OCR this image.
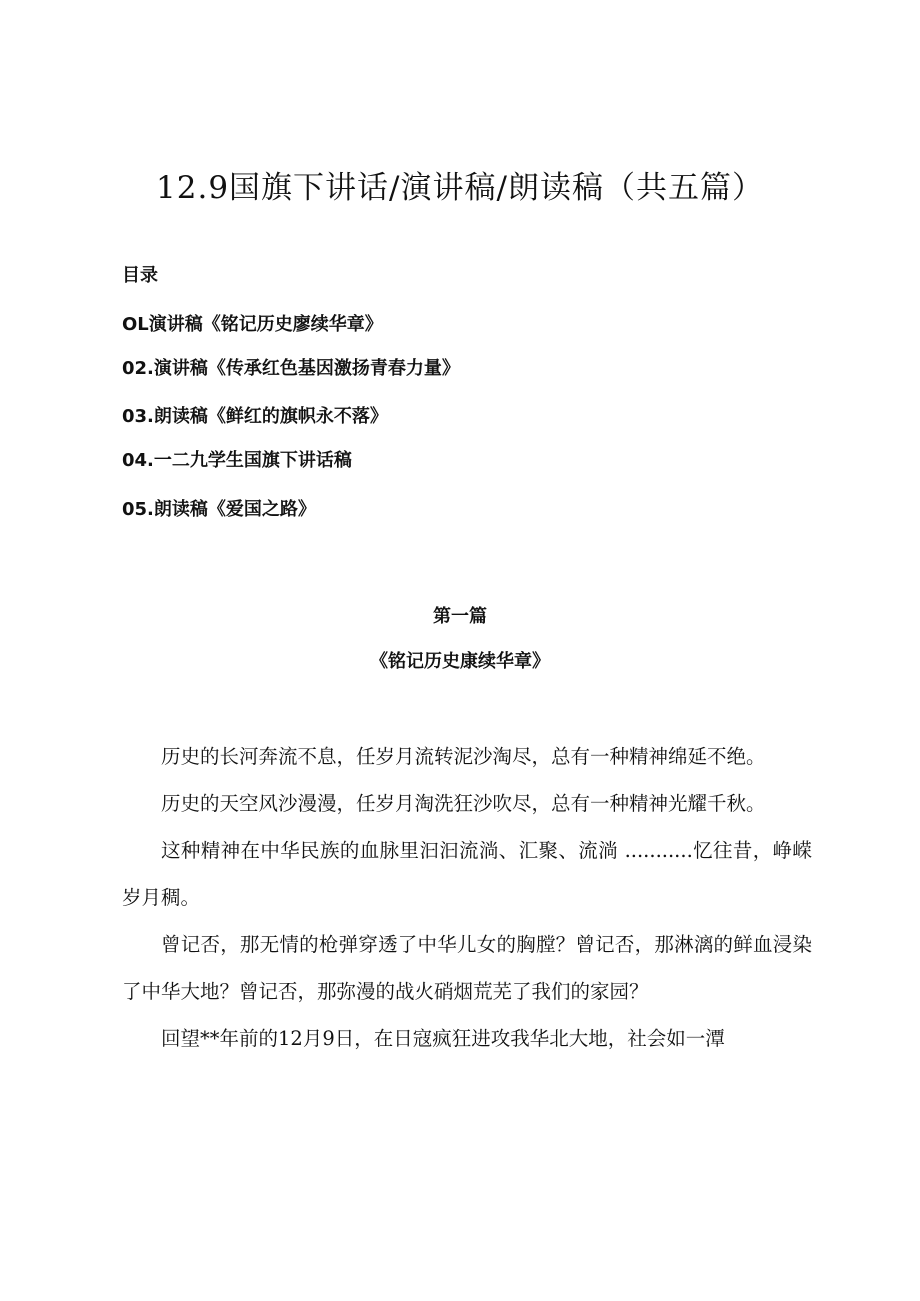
12.9国旗下讲话/演讲稿/朗读稿（共五篇）
目录
OL演讲稿《铭记历史廖续华章》
02.演讲稿《传承红色基因激扬青春力量》
03.朗读稿《鲜红的旗帜永不落》
04.一二九学生国旗下讲话稿
05.朗读稿《爱国之路》
第一篇
《铭记历史康续华章》

历史的长河奔流不息，任岁月流转泥沙淘尽，总有一种精神绵延不绝。

历史的天空风沙漫漫，任岁月淘洗狂沙吹尽，总有一种精神光耀千秋。

这种精神在中华民族的血脉里汩汩流淌、汇聚、流淌 ...........忆往昔，峥嵘岁月稠。

曾记否，那无情的枪弹穿透了中华儿女的胸膛？曾记否，那淋漓的鲜血浸染了中华大地？曾记否，那弥漫的战火硝烟荒芜了我们的家园？

回望**年前的12月9日，在日寇疯狂进攻我华北大地，社会如一潭
